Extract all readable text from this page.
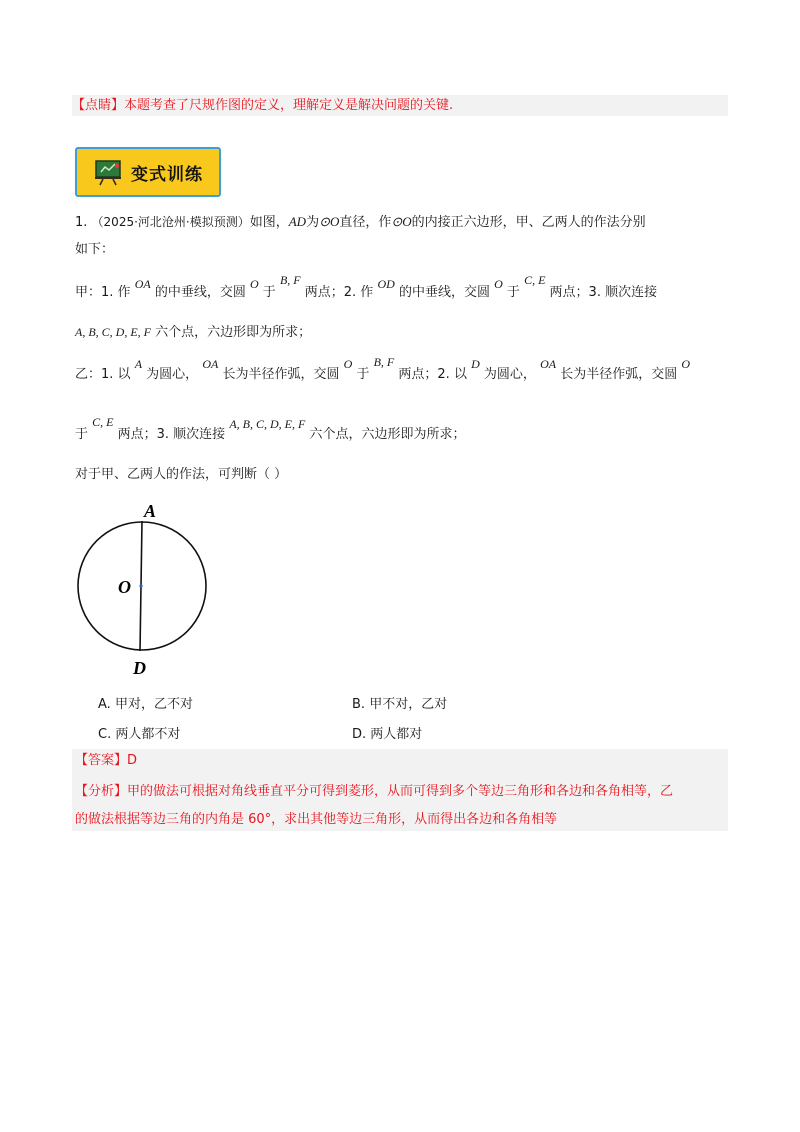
【点睛】本题考查了尺规作图的定义，理解定义是解决问题的关键.
变式训练
1. （2025·河北沧州·模拟预测）如图，AD为⊙O直径，作⊙O的内接正六边形，甲、乙两人的作法分别
如下：
甲：1. 作 OA 的中垂线，交圆 O 于 B, F 两点；2. 作 OD 的中垂线，交圆 O 于 C, E 两点；3. 顺次连接
A, B, C, D, E, F 六个点，六边形即为所求；
乙：1. 以 A 为圆心， OA 长为半径作弧，交圆 O 于 B, F 两点；2. 以 D 为圆心， OA 长为半径作弧，交圆 O
于 C, E 两点；3. 顺次连接 A, B, C, D, E, F 六个点，六边形即为所求；
对于甲、乙两人的作法，可判断（ ）
A
O
D
A. 甲对，乙不对	B. 甲不对，乙对
C. 两人都不对	D. 两人都对
【答案】D
【分析】甲的做法可根据对角线垂直平分可得到菱形，从而可得到多个等边三角形和各边和各角相等，乙
的做法根据等边三角的内角是 60°，求出其他等边三角形，从而得出各边和各角相等
